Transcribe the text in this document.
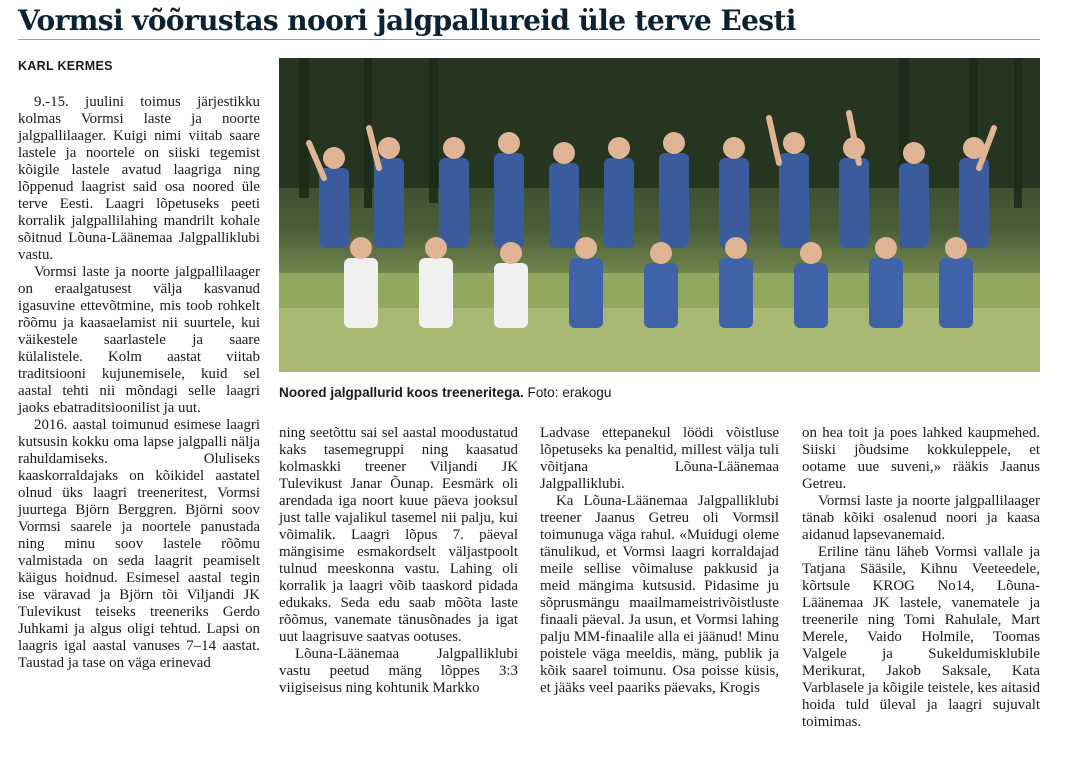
Vormsi võõrustas noori jalgpallureid üle terve Eesti
KARL KERMES

9.-15. juulini toimus järjestikku kolmas Vormsi laste ja noorte jalgpallilaager. Kuigi nimi viitab saare lastele ja noortele on siiski tegemist kõigile lastele avatud laagriga ning lõppenud laagrist said osa noored üle terve Eesti. Laagri lõpetuseks peeti korralik jalgpallilahing mandrilt kohale sõitnud Lõuna-Läänemaa Jalgpalliklubi vastu.

Vormsi laste ja noorte jalgpallilaager on eraalgatusest välja kasvanud igasuvine ettevõtmine, mis toob rohkelt rõõmu ja kaasaelamist nii suurtele, kui väikestele saarlastele ja saare külalistele. Kolm aastat viitab traditsiooni kujunemisele, kuid sel aastal tehti nii mõndagi selle laagri jaoks ebatraditsioonilist ja uut.

2016. aastal toimunud esimese laagri kutsusin kokku oma lapse jalgpalli nälja rahuldamiseks. Oluliseks kaaskorraldajaks on kõikidel aastatel olnud üks laagri treeneritest, Vormsi juurtega Björn Berggren. Björni soov Vormsi saarele ja noortele panustada ning minu soov lastele rõõmu valmistada on seda laagrit peamiselt käigus hoidnud. Esimesel aastal tegin ise väravad ja Björn tõi Viljandi JK Tulevikust teiseks treeneriks Gerdo Juhkami ja algus oligi tehtud. Lapsi on laagris igal aastal vanuses 7–14 aastat. Taustad ja tase on väga erinevad

Noored jalgpallurid koos treeneritega. Foto: erakogu

ning seetõttu sai sel aastal moodustatud kaks tasemegruppi ning kaasatud kolmaskki treener Viljandi JK Tulevikust Janar Õunap. Eesmärk oli arendada iga noort kuue päeva jooksul just talle vajalikul tasemel nii palju, kui võimalik. Laagri lõpus 7. päeval mängisime esmakordselt väljastpoolt tulnud meeskonna vastu. Lahing oli korralik ja laagri võib taaskord pidada edukaks. Seda edu saab mõõta laste rõõmus, vanemate tänusõnades ja igat uut laagrisuve saatvas ootuses.

Lõuna-Läänemaa Jalgpalliklubi vastu peetud mäng lõppes 3:3 viigiseisus ning kohtunik Markko

Ladvase ettepanekul löödi võistluse lõpetuseks ka penaltid, millest välja tuli võitjana Lõuna-Läänemaa Jalgpalliklubi.

Ka Lõuna-Läänemaa Jalgpalliklubi treener Jaanus Getreu oli Vormsil toimunuga väga rahul. «Muidugi oleme tänulikud, et Vormsi laagri korraldajad meile sellise võimaluse pakkusid ja meid mängima kutsusid. Pidasime ju sõprusmängu maailmameistrivõistluste finaali päeval. Ja usun, et Vormsi lahing palju MM-finaalile alla ei jäänud! Minu poistele väga meeldis, mäng, publik ja kõik saarel toimunu. Osa poisse küsis, et jääks veel paariks päevaks, Krogis

on hea toit ja poes lahked kaupmehed. Siiski jõudsime kokkuleppele, et ootame uue suveni,» rääkis Jaanus Getreu.

Vormsi laste ja noorte jalgpallilaager tänab kõiki osalenud noori ja kaasa aidanud lapsevanemaid.

Eriline tänu läheb Vormsi vallale ja Tatjana Sääsile, Kihnu Veeteedele, kõrtsule KROG No14, Lõuna-Läänemaa JK lastele, vanematele ja treenerile ning Tomi Rahulale, Mart Merele, Vaido Holmile, Toomas Valgele ja Sukeldumisklubile Merikurat, Jakob Saksale, Kata Varblasele ja kõigile teistele, kes aitasid hoida tuld üleval ja laagri sujuvalt toimimas.
